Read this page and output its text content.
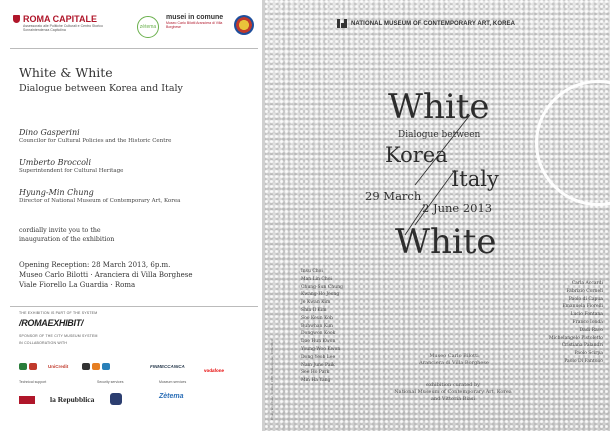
ROMA CAPITALE
Assessorato alle Politiche Culturali e Centro Storico Sovraintendenza Capitolina	zètema
musei in comune
Museo Carlo Bilotti Aranciera di Villa Borghese
White & White
Dialogue between Korea and Italy
Dino Gasperini
Councilor for Cultural Policies and the Historic Centre
Umberto Broccoli
Superintendent for Cultural Heritage
Hyung-Min Chung
Director of National Museum of Contemporary Art, Korea
cordially invite you to the
inauguration of the exhibition
Opening Reception: 28 March 2013, 6p.m.
Museo Carlo Bilotti · Aranciera di Villa Borghese
Viale Fiorello La Guardia · Roma
THE EXHIBITION IS PART OF THE SYSTEM
/ROMAEXHIBIT/
SPONSOR OF THE CITY MUSEUM SYSTEM
IN COLLABORATION WITH
UniCredit	FINMECCANICA
vodafone
Technical support	Security services	Museum services
la Repubblica	Zètema
NATIONAL MUSEUM OF CONTEMPORARY ART, KOREA
White
Dialogue between
Korea
Italy
29 March
2 June 2013
White
Insu Choi
Man Lin Choi
Chung-Sun Chung
Kwang-Ho Jeong
Jo Kwan Kim
Shin Il Kim
Soo Keun Koh
Buhwhan Kim
Dongwon Kook
Dae Hun Kwon
Young-Woo Kwon
Dong Yeob Lee
Nam June Paik
See Ho Park
Min Ha Yang
Carla Accardi
Fabrizio Corneli
Paolo di Capua
Emanuela Fiorelli
Lucio Fontana
Franco Ionda
Dadi Ravo
Michelangelo Pistoletto
Cristiana Palandri
Paolo Scirpa
Paolo Di Fantolio
Museo Carlo Bilotti
Aranciera di Villa Borghese
exhibition curated by
National Museum of Contemporary Art, Korea
and Vittoria Biasi
Chung Won Kwon, Untitled, 1980, Korean paper, 100x240cm
